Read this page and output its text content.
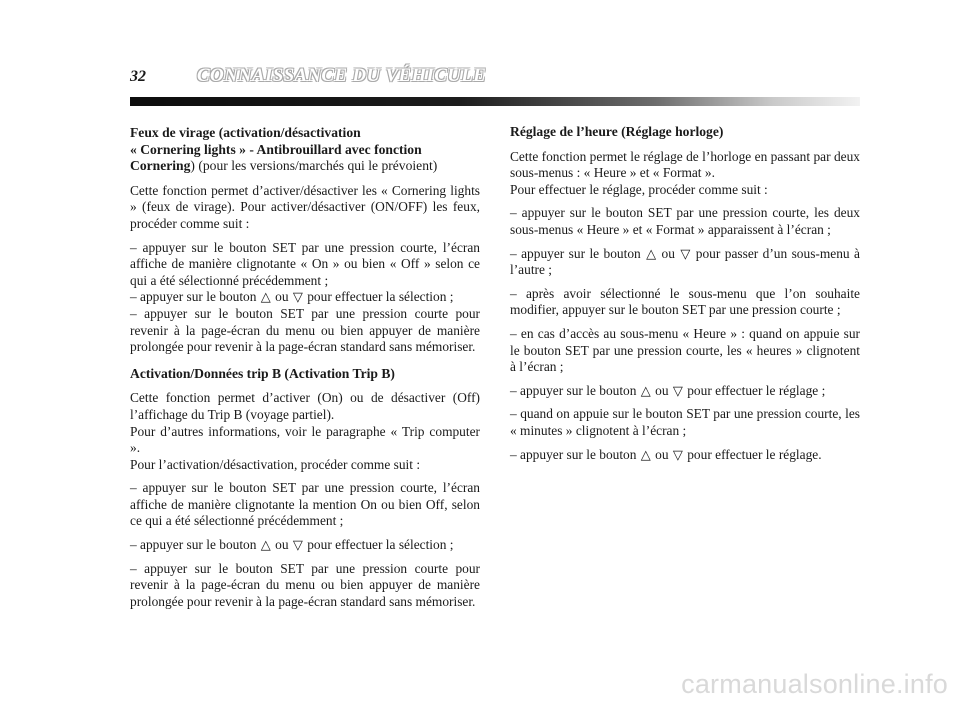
32	CONNAISSANCE DU VÉHICULE
Feux de virage (activation/désactivation
« Cornering lights » - Antibrouillard avec fonction
Cornering) (pour les versions/marchés qui le prévoient)

Cette fonction permet d’activer/désactiver les « Cornering lights » (feux de virage). Pour activer/désactiver (ON/OFF) les feux, procéder comme suit :

– appuyer sur le bouton SET par une pression courte, l’écran affiche de manière clignotante « On » ou bien « Off » selon ce qui a été sélectionné précédemment ;

– appuyer sur le bouton △ ou ▽ pour effectuer la sélection ;

– appuyer sur le bouton SET par une pression courte pour revenir à la page-écran du menu ou bien appuyer de manière prolongée pour revenir à la page-écran standard sans mémoriser.

Activation/Données trip B (Activation Trip B)

Cette fonction permet d’activer (On) ou de désactiver (Off) l’affichage du Trip B (voyage partiel).

Pour d’autres informations, voir le paragraphe « Trip computer ».

Pour l’activation/désactivation, procéder comme suit :

– appuyer sur le bouton SET par une pression courte, l’écran affiche de manière clignotante la mention On ou bien Off, selon ce qui a été sélectionné précédemment ;

– appuyer sur le bouton △ ou ▽ pour effectuer la sélection ;

– appuyer sur le bouton SET par une pression courte pour revenir à la page-écran du menu ou bien appuyer de manière prolongée pour revenir à la page-écran standard sans mémoriser.

Réglage de l’heure (Réglage horloge)

Cette fonction permet le réglage de l’horloge en passant par deux sous-menus : « Heure » et « Format ».

Pour effectuer le réglage, procéder comme suit :

– appuyer sur le bouton SET par une pression courte, les deux sous-menus « Heure » et « Format » apparaissent à l’écran ;

– appuyer sur le bouton △ ou ▽ pour passer d’un sous-menu à l’autre ;

– après avoir sélectionné le sous-menu que l’on souhaite modifier, appuyer sur le bouton SET par une pression courte ;

– en cas d’accès au sous-menu « Heure » : quand on appuie sur le bouton SET par une pression courte, les « heures » clignotent à l’écran ;

– appuyer sur le bouton △ ou ▽ pour effectuer le réglage ;

– quand on appuie sur le bouton SET par une pression courte, les « minutes » clignotent à l’écran ;

– appuyer sur le bouton △ ou ▽ pour effectuer le réglage.

carmanualsonline.info
